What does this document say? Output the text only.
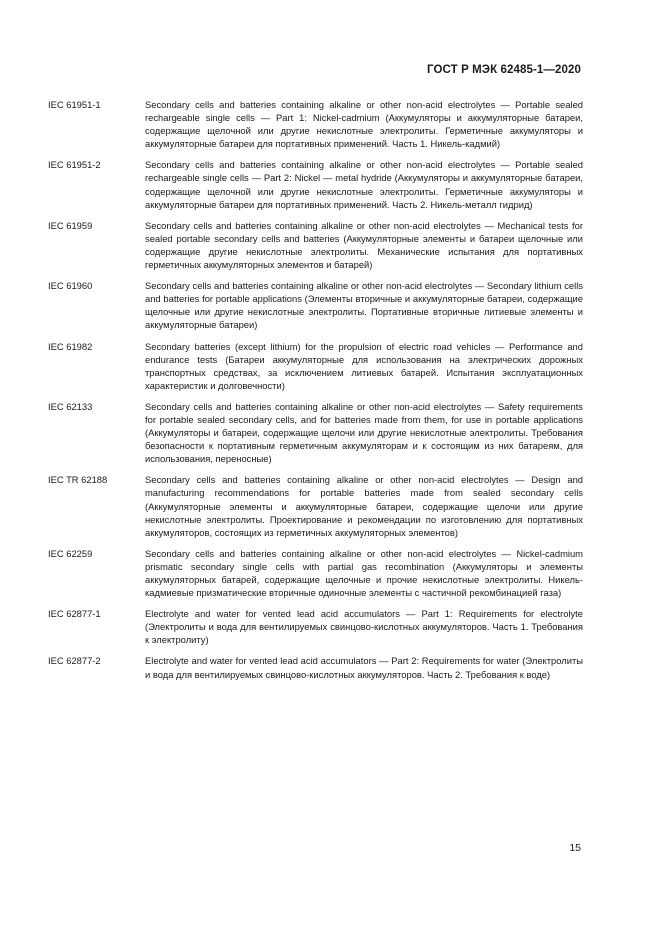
ГОСТ Р МЭК 62485-1—2020
IEC 61951-1	Secondary cells and batteries containing alkaline or other non-acid electrolytes — Portable sealed rechargeable single cells — Part 1: Nickel-cadmium (Аккумуляторы и аккумуляторные батареи, содержащие щелочной или другие некислотные электролиты. Герметичные аккумуляторы и аккумуляторные батареи для портативных применений. Часть 1. Никель-кадмий)
IEC 61951-2	Secondary cells and batteries containing alkaline or other non-acid electrolytes — Portable sealed rechargeable single cells — Part 2: Nickel — metal hydride (Аккумуляторы и аккумуляторные батареи, содержащие щелочной или другие некислотные электролиты. Герметичные аккумуляторы и аккумуляторные батареи для портативных применений. Часть 2. Никель-металл гидрид)
IEC 61959	Secondary cells and batteries containing alkaline or other non-acid electrolytes — Mechanical tests for sealed portable secondary cells and batteries (Аккумуляторные элементы и батареи щелочные или содержащие другие некислотные электролиты. Механические испытания для портативных герметичных аккумуляторных элементов и батарей)
IEC 61960	Secondary cells and batteries containing alkaline or other non-acid electrolytes — Secondary lithium cells and batteries for portable applications (Элементы вторичные и аккумуляторные батареи, содержащие щелочные или другие некислотные электролиты. Портативные вторичные литиевые элементы и аккумуляторные батареи)
IEC 61982	Secondary batteries (except lithium) for the propulsion of electric road vehicles — Performance and endurance tests (Батареи аккумуляторные для использования на электрических дорожных транспортных средствах, за исключением литиевых батарей. Испытания эксплуатационных характеристик и долговечности)
IEC 62133	Secondary cells and batteries containing alkaline or other non-acid electrolytes — Safety requirements for portable sealed secondary cells, and for batteries made from them, for use in portable applications (Аккумуляторы и батареи, содержащие щелочи или другие некислотные электролиты. Требования безопасности к портативным герметичным аккумуляторам и к состоящим из них батареям, для использования, переносные)
IEC TR 62188	Secondary cells and batteries containing alkaline or other non-acid electrolytes — Design and manufacturing recommendations for portable batteries made from sealed secondary cells (Аккумуляторные элементы и аккумуляторные батареи, содержащие щелочи или другие некислотные электролиты. Проектирование и рекомендации по изготовлению для портативных аккумуляторов, состоящих из герметичных аккумуляторных элементов)
IEC 62259	Secondary cells and batteries containing alkaline or other non-acid electrolytes — Nickel-cadmium prismatic secondary single cells with partial gas recombination (Аккумуляторы и элементы аккумуляторных батарей, содержащие щелочные и прочие некислотные электролиты. Никель-кадмиевые призматические вторичные одиночные элементы с частичной рекомбинацией газа)
IEC 62877-1	Electrolyte and water for vented lead acid accumulators — Part 1: Requirements for electrolyte (Электролиты и вода для вентилируемых свинцово-кислотных аккумуляторов. Часть 1. Требования к электролиту)
IEC 62877-2	Electrolyte and water for vented lead acid accumulators — Part 2: Requirements for water (Электролиты и вода для вентилируемых свинцово-кислотных аккумуляторов. Часть 2. Требования к воде)
15
